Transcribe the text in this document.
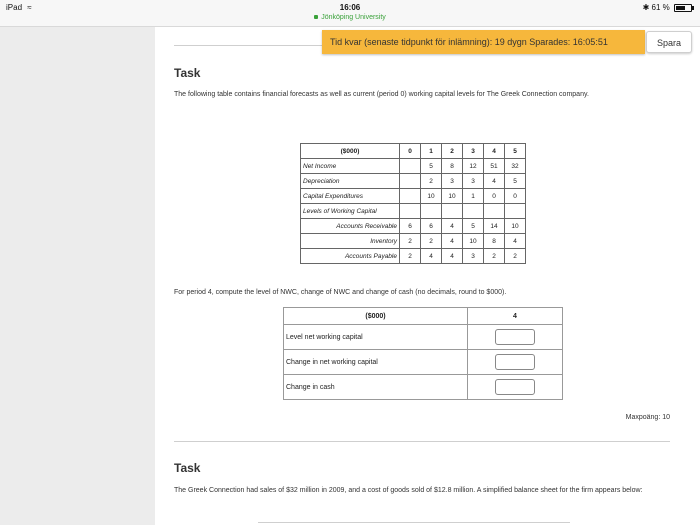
iPad ≈	16:06
Jönköping University
✱ 61 %
Tid kvar (senaste tidpunkt för inlämning): 19 dygn Sparades: 16:05:51	Spara
Task
The following table contains financial forecasts as well as current (period 0) working capital levels for The Greek Connection company.
($000)	0	1	2	3	4	5
Net Income		5	8	12	51	32
Depreciation		2	3	3	4	5
Capital Expenditures		10	10	1	0	0
Levels of Working Capital						
Accounts Receivable	6	6	4	5	14	10
Inventory	2	2	4	10	8	4
Accounts Payable	2	4	4	3	2	2
For period 4, compute the level of NWC, change of NWC and change of cash (no decimals, round to $000).
($000)	4
Level net working capital	
Change in net working capital	
Change in cash	
Maxpoäng: 10
Task
The Greek Connection had sales of $32 million in 2009, and a cost of goods sold of $12.8 million. A simplified balance sheet for the firm appears below:
